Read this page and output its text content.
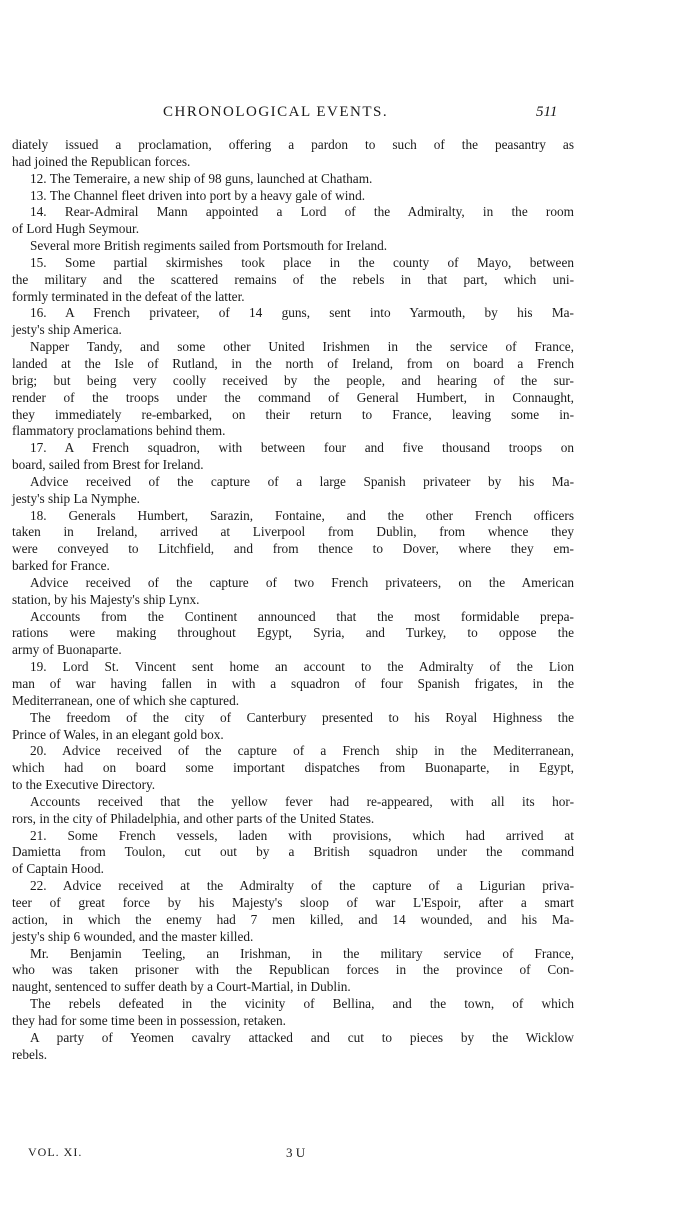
CHRONOLOGICAL EVENTS.	511
diately issued a proclamation, offering a pardon to such of the peasantry as
had joined the Republican forces.
12. The Temeraire, a new ship of 98 guns, launched at Chatham.
13. The Channel fleet driven into port by a heavy gale of wind.
14. Rear-Admiral Mann appointed a Lord of the Admiralty, in the room
of Lord Hugh Seymour.
Several more British regiments sailed from Portsmouth for Ireland.
15. Some partial skirmishes took place in the county of Mayo, between
the military and the scattered remains of the rebels in that part, which uni-
formly terminated in the defeat of the latter.
16. A French privateer, of 14 guns, sent into Yarmouth, by his Ma-
jesty's ship America.
Napper Tandy, and some other United Irishmen in the service of France,
landed at the Isle of Rutland, in the north of Ireland, from on board a French
brig; but being very coolly received by the people, and hearing of the sur-
render of the troops under the command of General Humbert, in Connaught,
they immediately re-embarked, on their return to France, leaving some in-
flammatory proclamations behind them.
17. A French squadron, with between four and five thousand troops on
board, sailed from Brest for Ireland.
Advice received of the capture of a large Spanish privateer by his Ma-
jesty's ship La Nymphe.
18. Generals Humbert, Sarazin, Fontaine, and the other French officers
taken in Ireland, arrived at Liverpool from Dublin, from whence they
were conveyed to Litchfield, and from thence to Dover, where they em-
barked for France.
Advice received of the capture of two French privateers, on the American
station, by his Majesty's ship Lynx.
Accounts from the Continent announced that the most formidable prepa-
rations were making throughout Egypt, Syria, and Turkey, to oppose the
army of Buonaparte.
19. Lord St. Vincent sent home an account to the Admiralty of the Lion
man of war having fallen in with a squadron of four Spanish frigates, in the
Mediterranean, one of which she captured.
The freedom of the city of Canterbury presented to his Royal Highness the
Prince of Wales, in an elegant gold box.
20. Advice received of the capture of a French ship in the Mediterranean,
which had on board some important dispatches from Buonaparte, in Egypt,
to the Executive Directory.
Accounts received that the yellow fever had re-appeared, with all its hor-
rors, in the city of Philadelphia, and other parts of the United States.
21. Some French vessels, laden with provisions, which had arrived at
Damietta from Toulon, cut out by a British squadron under the command
of Captain Hood.
22. Advice received at the Admiralty of the capture of a Ligurian priva-
teer of great force by his Majesty's sloop of war L'Espoir, after a smart
action, in which the enemy had 7 men killed, and 14 wounded, and his Ma-
jesty's ship 6 wounded, and the master killed.
Mr. Benjamin Teeling, an Irishman, in the military service of France,
who was taken prisoner with the Republican forces in the province of Con-
naught, sentenced to suffer death by a Court-Martial, in Dublin.
The rebels defeated in the vicinity of Bellina, and the town, of which
they had for some time been in possession, retaken.
A party of Yeomen cavalry attacked and cut to pieces by the Wicklow
rebels.
VOL. XI.	3 U
